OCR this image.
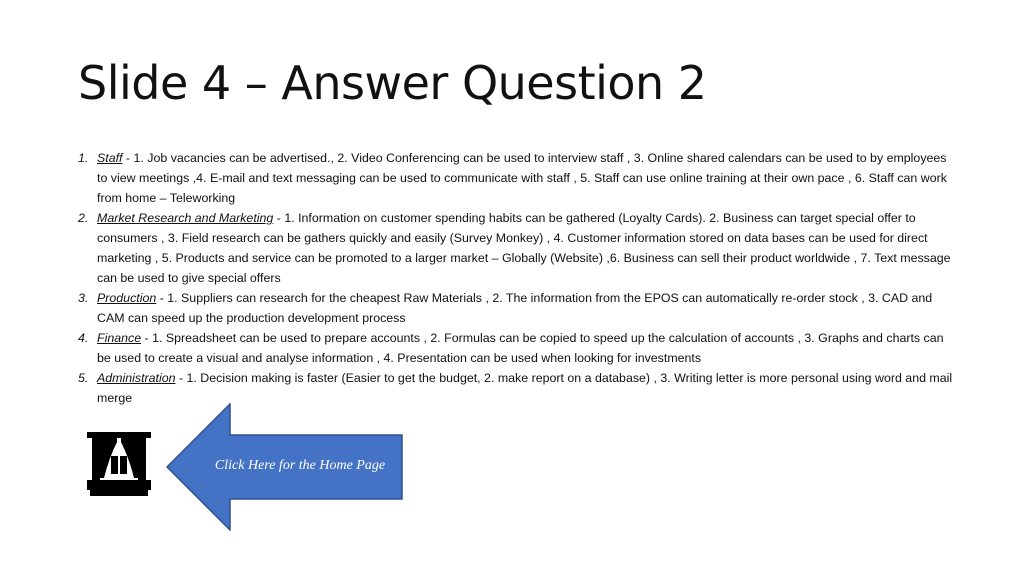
Slide 4 – Answer Question 2
1. Staff - 1. Job vacancies can be advertised., 2. Video Conferencing can be used to interview staff , 3. Online shared calendars can be used to by employees to view meetings ,4. E-mail and text messaging can be used to communicate with staff , 5. Staff can use online training at their own pace , 6. Staff can work from home – Teleworking
2. Market Research and Marketing - 1. Information on customer spending habits can be gathered (Loyalty Cards). 2. Business can target special offer to consumers , 3. Field research can be gathers quickly and easily (Survey Monkey) , 4. Customer information stored on data bases can be used for direct marketing , 5. Products and service can be promoted to a larger market – Globally (Website) ,6. Business can sell their product worldwide , 7. Text message can be used to give special offers
3. Production - 1. Suppliers can research for the cheapest Raw Materials , 2. The information from the EPOS can automatically re-order stock , 3. CAD and CAM can speed up the production development process
4. Finance - 1. Spreadsheet can be used to prepare accounts , 2. Formulas can be copied to speed up the calculation of accounts , 3. Graphs and charts can be used to create a visual and analyse information , 4. Presentation can be used when looking for investments
5. Administration - 1. Decision making is faster (Easier to get the budget, 2. make report on a database) , 3. Writing letter is more personal using word and mail merge
Click Here for the Home Page
